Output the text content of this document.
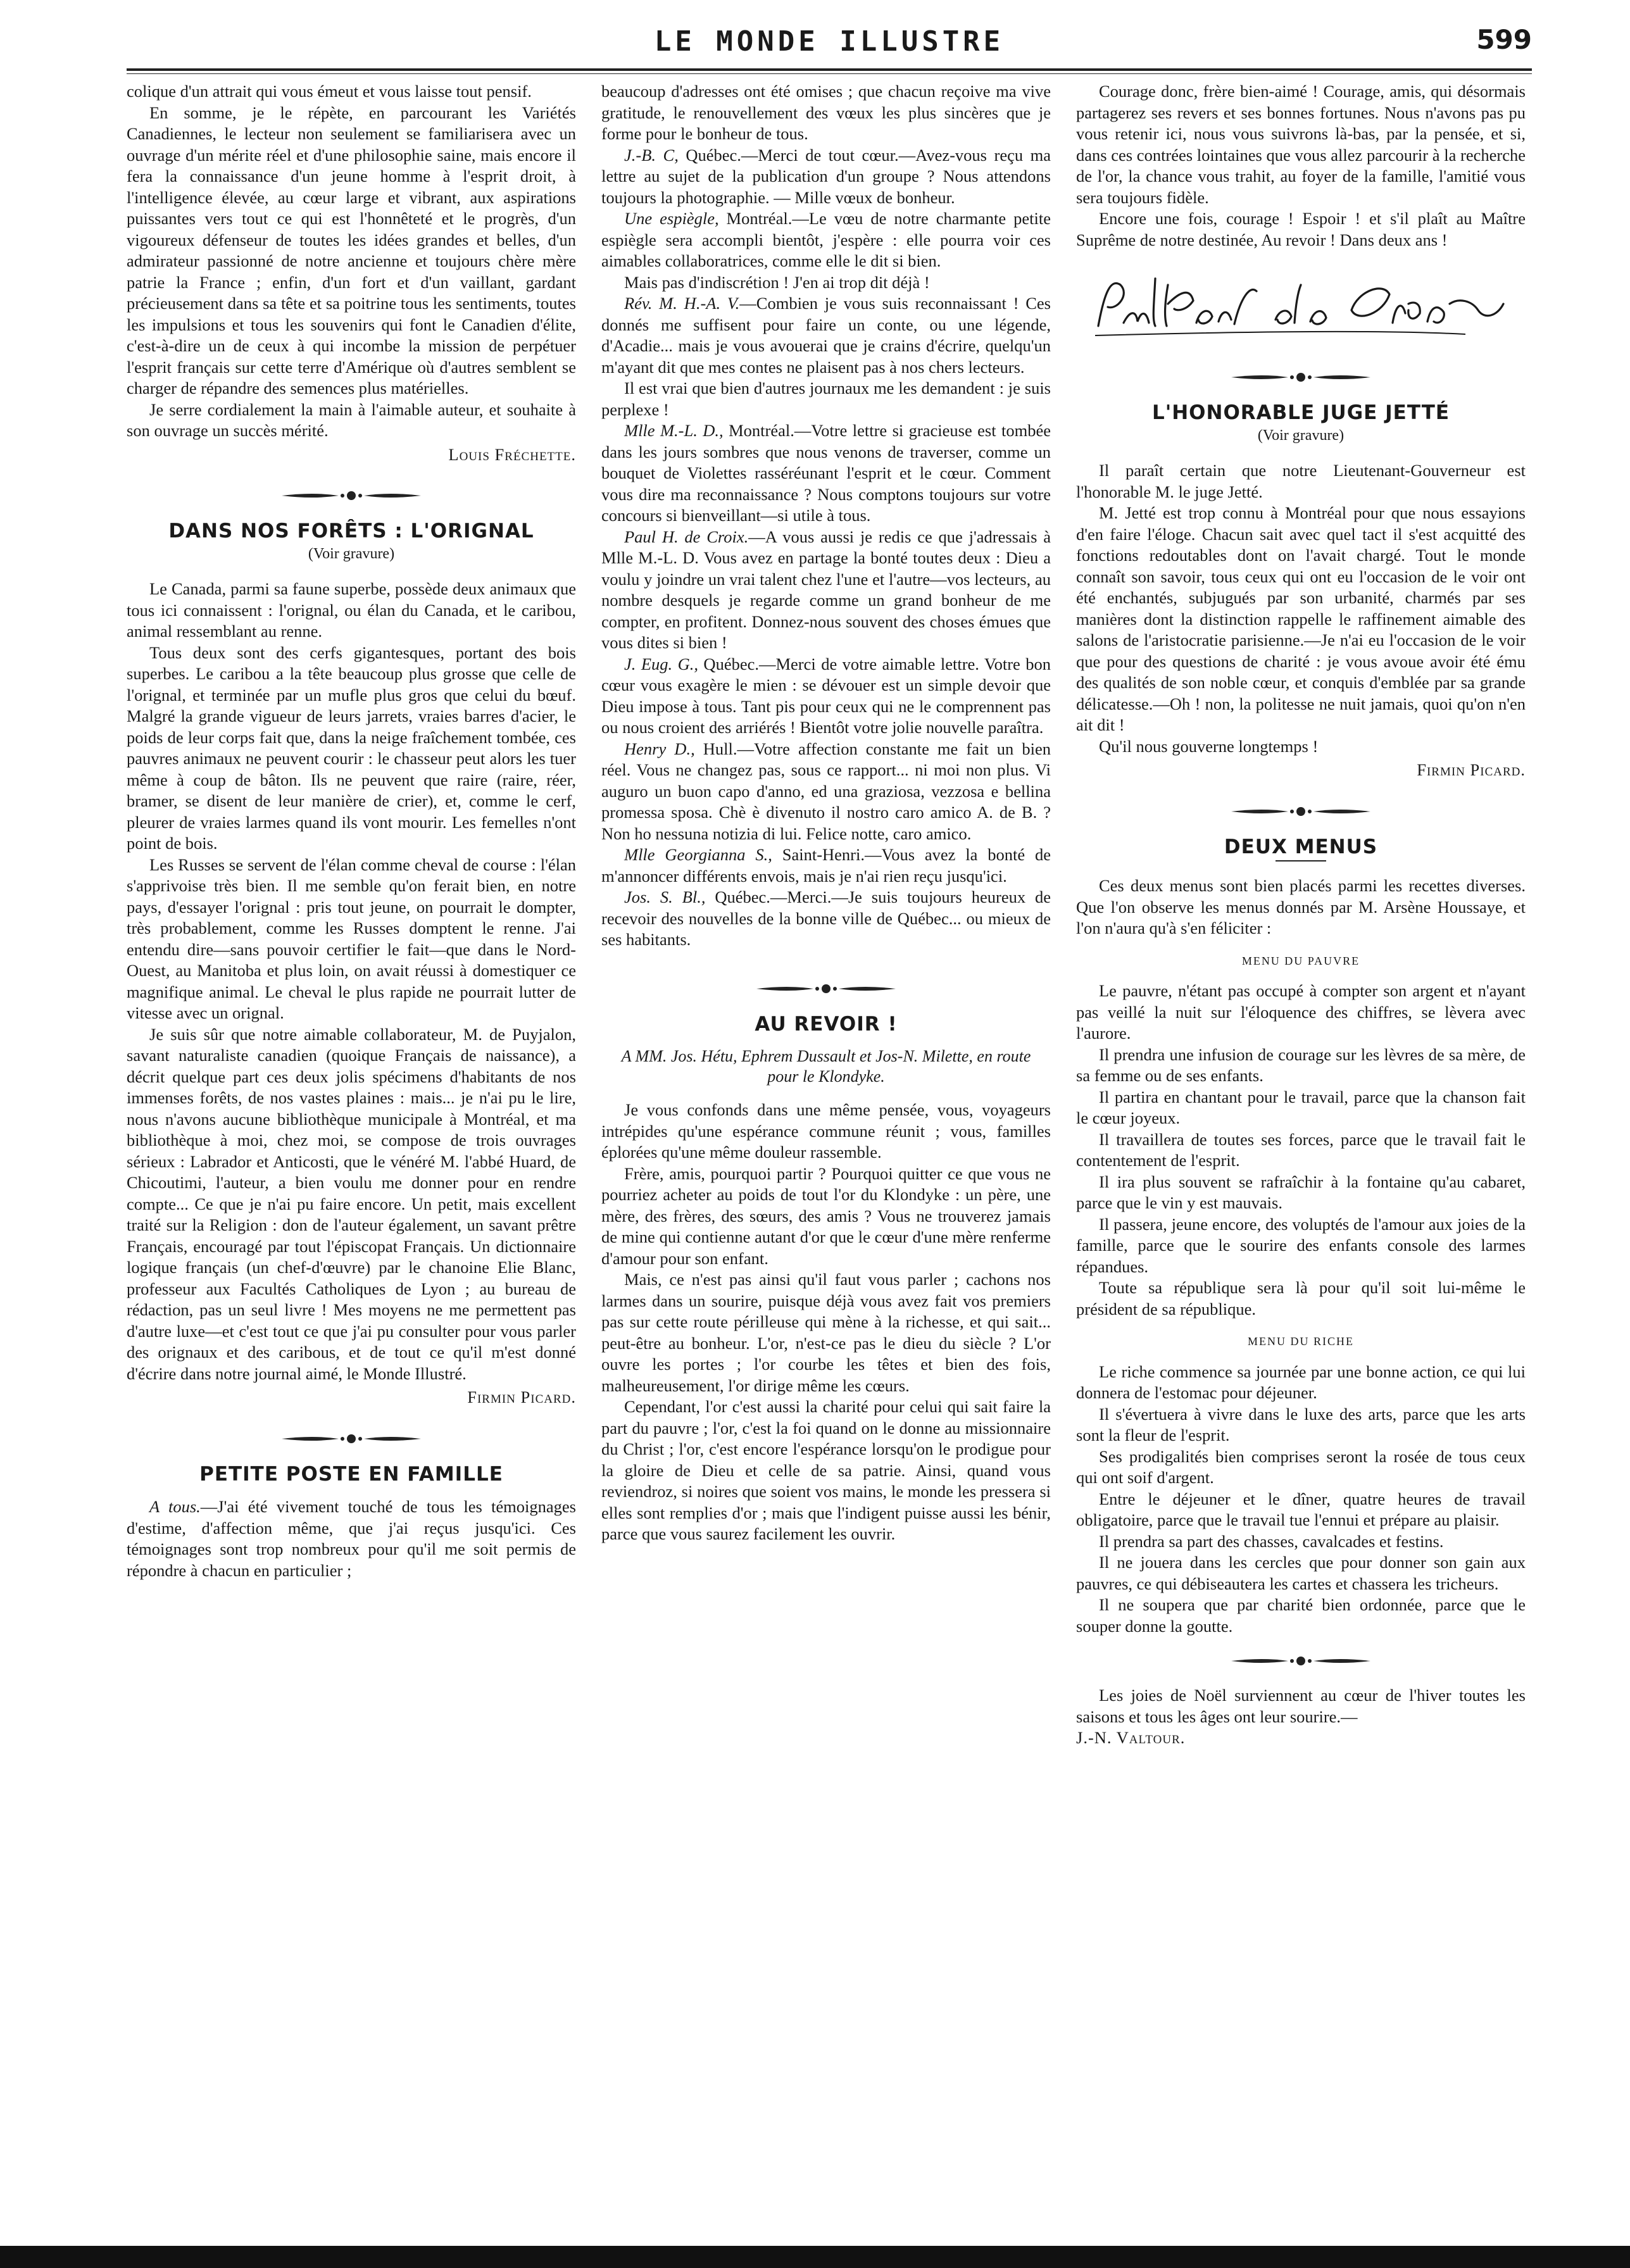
LE MONDE ILLUSTRE	599

colique d'un attrait qui vous émeut et vous laisse tout pensif.

En somme, je le répète, en parcourant les Variétés Canadiennes, le lecteur non seulement se familiarisera avec un ouvrage d'un mérite réel et d'une philosophie saine, mais encore il fera la connaissance d'un jeune homme à l'esprit droit, à l'intelligence élevée, au cœur large et vibrant, aux aspirations puissantes vers tout ce qui est l'honnêteté et le progrès, d'un vigoureux défenseur de toutes les idées grandes et belles, d'un admirateur passionné de notre ancienne et toujours chère mère patrie la France ; enfin, d'un fort et d'un vaillant, gardant précieusement dans sa tête et sa poitrine tous les sentiments, toutes les impulsions et tous les souvenirs qui font le Canadien d'élite, c'est-à-dire un de ceux à qui incombe la mission de perpétuer l'esprit français sur cette terre d'Amérique où d'autres semblent se charger de répandre des semences plus matérielles.

Je serre cordialement la main à l'aimable auteur, et souhaite à son ouvrage un succès mérité.

Louis Fréchette.

DANS NOS FORÊTS : L'ORIGNAL
(Voir gravure)

Le Canada, parmi sa faune superbe, possède deux animaux que tous ici connaissent : l'orignal, ou élan du Canada, et le caribou, animal ressemblant au renne.

Tous deux sont des cerfs gigantesques, portant des bois superbes. Le caribou a la tête beaucoup plus grosse que celle de l'orignal, et terminée par un mufle plus gros que celui du bœuf. Malgré la grande vigueur de leurs jarrets, vraies barres d'acier, le poids de leur corps fait que, dans la neige fraîchement tombée, ces pauvres animaux ne peuvent courir : le chasseur peut alors les tuer même à coup de bâton. Ils ne peuvent que raire (raire, réer, bramer, se disent de leur manière de crier), et, comme le cerf, pleurer de vraies larmes quand ils vont mourir. Les femelles n'ont point de bois.

Les Russes se servent de l'élan comme cheval de course : l'élan s'apprivoise très bien. Il me semble qu'on ferait bien, en notre pays, d'essayer l'orignal : pris tout jeune, on pourrait le dompter, très probablement, comme les Russes domptent le renne. J'ai entendu dire—sans pouvoir certifier le fait—que dans le Nord-Ouest, au Manitoba et plus loin, on avait réussi à domestiquer ce magnifique animal. Le cheval le plus rapide ne pourrait lutter de vitesse avec un orignal.

Je suis sûr que notre aimable collaborateur, M. de Puyjalon, savant naturaliste canadien (quoique Français de naissance), a décrit quelque part ces deux jolis spécimens d'habitants de nos immenses forêts, de nos vastes plaines : mais... je n'ai pu le lire, nous n'avons aucune bibliothèque municipale à Montréal, et ma bibliothèque à moi, chez moi, se compose de trois ouvrages sérieux : Labrador et Anticosti, que le vénéré M. l'abbé Huard, de Chicoutimi, l'auteur, a bien voulu me donner pour en rendre compte... Ce que je n'ai pu faire encore. Un petit, mais excellent traité sur la Religion : don de l'auteur également, un savant prêtre Français, encouragé par tout l'épiscopat Français. Un dictionnaire logique français (un chef-d'œuvre) par le chanoine Elie Blanc, professeur aux Facultés Catholiques de Lyon ; au bureau de rédaction, pas un seul livre ! Mes moyens ne me permettent pas d'autre luxe—et c'est tout ce que j'ai pu consulter pour vous parler des orignaux et des caribous, et de tout ce qu'il m'est donné d'écrire dans notre journal aimé, le Monde Illustré.

Firmin Picard.

PETITE POSTE EN FAMILLE

A tous.—J'ai été vivement touché de tous les témoignages d'estime, d'affection même, que j'ai reçus jusqu'ici. Ces témoignages sont trop nombreux pour qu'il me soit permis de répondre à chacun en particulier ;

beaucoup d'adresses ont été omises ; que chacun reçoive ma vive gratitude, le renouvellement des vœux les plus sincères que je forme pour le bonheur de tous.

J.-B. C, Québec.—Merci de tout cœur.—Avez-vous reçu ma lettre au sujet de la publication d'un groupe ? Nous attendons toujours la photographie. — Mille vœux de bonheur.

Une espiègle, Montréal.—Le vœu de notre charmante petite espiègle sera accompli bientôt, j'espère : elle pourra voir ces aimables collaboratrices, comme elle le dit si bien.

Mais pas d'indiscrétion ! J'en ai trop dit déjà !

Rév. M. H.-A. V.—Combien je vous suis reconnaissant ! Ces donnés me suffisent pour faire un conte, ou une légende, d'Acadie... mais je vous avouerai que je crains d'écrire, quelqu'un m'ayant dit que mes contes ne plaisent pas à nos chers lecteurs.

Il est vrai que bien d'autres journaux me les demandent : je suis perplexe !

Mlle M.-L. D., Montréal.—Votre lettre si gracieuse est tombée dans les jours sombres que nous venons de traverser, comme un bouquet de Violettes rasséréunant l'esprit et le cœur. Comment vous dire ma reconnaissance ? Nous comptons toujours sur votre concours si bienveillant—si utile à tous.

Paul H. de Croix.—A vous aussi je redis ce que j'adressais à Mlle M.-L. D. Vous avez en partage la bonté toutes deux : Dieu a voulu y joindre un vrai talent chez l'une et l'autre—vos lecteurs, au nombre desquels je regarde comme un grand bonheur de me compter, en profitent. Donnez-nous souvent des choses émues que vous dites si bien !

J. Eug. G., Québec.—Merci de votre aimable lettre. Votre bon cœur vous exagère le mien : se dévouer est un simple devoir que Dieu impose à tous. Tant pis pour ceux qui ne le comprennent pas ou nous croient des arriérés ! Bientôt votre jolie nouvelle paraîtra.

Henry D., Hull.—Votre affection constante me fait un bien réel. Vous ne changez pas, sous ce rapport... ni moi non plus. Vi auguro un buon capo d'anno, ed una graziosa, vezzosa e bellina promessa sposa. Chè è divenuto il nostro caro amico A. de B. ? Non ho nessuna notizia di lui. Felice notte, caro amico.

Mlle Georgianna S., Saint-Henri.—Vous avez la bonté de m'annoncer différents envois, mais je n'ai rien reçu jusqu'ici.

Jos. S. Bl., Québec.—Merci.—Je suis toujours heureux de recevoir des nouvelles de la bonne ville de Québec... ou mieux de ses habitants.

AU REVOIR !
A MM. Jos. Hétu, Ephrem Dussault et Jos-N. Milette, en route pour le Klondyke.

Je vous confonds dans une même pensée, vous, voyageurs intrépides qu'une espérance commune réunit ; vous, familles éplorées qu'une même douleur rassemble.

Frère, amis, pourquoi partir ? Pourquoi quitter ce que vous ne pourriez acheter au poids de tout l'or du Klondyke : un père, une mère, des frères, des sœurs, des amis ? Vous ne trouverez jamais de mine qui contienne autant d'or que le cœur d'une mère renferme d'amour pour son enfant.

Mais, ce n'est pas ainsi qu'il faut vous parler ; cachons nos larmes dans un sourire, puisque déjà vous avez fait vos premiers pas sur cette route périlleuse qui mène à la richesse, et qui sait... peut-être au bonheur. L'or, n'est-ce pas le dieu du siècle ? L'or ouvre les portes ; l'or courbe les têtes et bien des fois, malheureusement, l'or dirige même les cœurs.

Cependant, l'or c'est aussi la charité pour celui qui sait faire la part du pauvre ; l'or, c'est la foi quand on le donne au missionnaire du Christ ; l'or, c'est encore l'espérance lorsqu'on le prodigue pour la gloire de Dieu et celle de sa patrie. Ainsi, quand vous reviendroz, si noires que soient vos mains, le monde les pressera si elles sont remplies d'or ; mais que l'indigent puisse aussi les bénir, parce que vous saurez facilement les ouvrir.

Courage donc, frère bien-aimé ! Courage, amis, qui désormais partagerez ses revers et ses bonnes fortunes. Nous n'avons pas pu vous retenir ici, nous vous suivrons là-bas, par la pensée, et si, dans ces contrées lointaines que vous allez parcourir à la recherche de l'or, la chance vous trahit, au foyer de la famille, l'amitié vous sera toujours fidèle.

Encore une fois, courage ! Espoir ! et s'il plaît au Maître Suprême de notre destinée, Au revoir ! Dans deux ans !

L'HONORABLE JUGE JETTÉ
(Voir gravure)

Il paraît certain que notre Lieutenant-Gouverneur est l'honorable M. le juge Jetté.

M. Jetté est trop connu à Montréal pour que nous essayions d'en faire l'éloge. Chacun sait avec quel tact il s'est acquitté des fonctions redoutables dont on l'avait chargé. Tout le monde connaît son savoir, tous ceux qui ont eu l'occasion de le voir ont été enchantés, subjugués par son urbanité, charmés par ses manières dont la distinction rappelle le raffinement aimable des salons de l'aristocratie parisienne.—Je n'ai eu l'occasion de le voir que pour des questions de charité : je vous avoue avoir été ému des qualités de son noble cœur, et conquis d'emblée par sa grande délicatesse.—Oh ! non, la politesse ne nuit jamais, quoi qu'on n'en ait dit !

Qu'il nous gouverne longtemps !

Firmin Picard.

DEUX MENUS

Ces deux menus sont bien placés parmi les recettes diverses. Que l'on observe les menus donnés par M. Arsène Houssaye, et l'on n'aura qu'à s'en féliciter :

MENU DU PAUVRE

Le pauvre, n'étant pas occupé à compter son argent et n'ayant pas veillé la nuit sur l'éloquence des chiffres, se lèvera avec l'aurore.

Il prendra une infusion de courage sur les lèvres de sa mère, de sa femme ou de ses enfants.

Il partira en chantant pour le travail, parce que la chanson fait le cœur joyeux.

Il travaillera de toutes ses forces, parce que le travail fait le contentement de l'esprit.

Il ira plus souvent se rafraîchir à la fontaine qu'au cabaret, parce que le vin y est mauvais.

Il passera, jeune encore, des voluptés de l'amour aux joies de la famille, parce que le sourire des enfants console des larmes répandues.

Toute sa république sera là pour qu'il soit lui-même le président de sa république.

MENU DU RICHE

Le riche commence sa journée par une bonne action, ce qui lui donnera de l'estomac pour déjeuner.

Il s'évertuera à vivre dans le luxe des arts, parce que les arts sont la fleur de l'esprit.

Ses prodigalités bien comprises seront la rosée de tous ceux qui ont soif d'argent.

Entre le déjeuner et le dîner, quatre heures de travail obligatoire, parce que le travail tue l'ennui et prépare au plaisir.

Il prendra sa part des chasses, cavalcades et festins.

Il ne jouera dans les cercles que pour donner son gain aux pauvres, ce qui débiseautera les cartes et chassera les tricheurs.

Il ne soupera que par charité bien ordonnée, parce que le souper donne la goutte.

Les joies de Noël surviennent au cœur de l'hiver toutes les saisons et tous les âges ont leur sourire.—

J.-N. Valtour.
